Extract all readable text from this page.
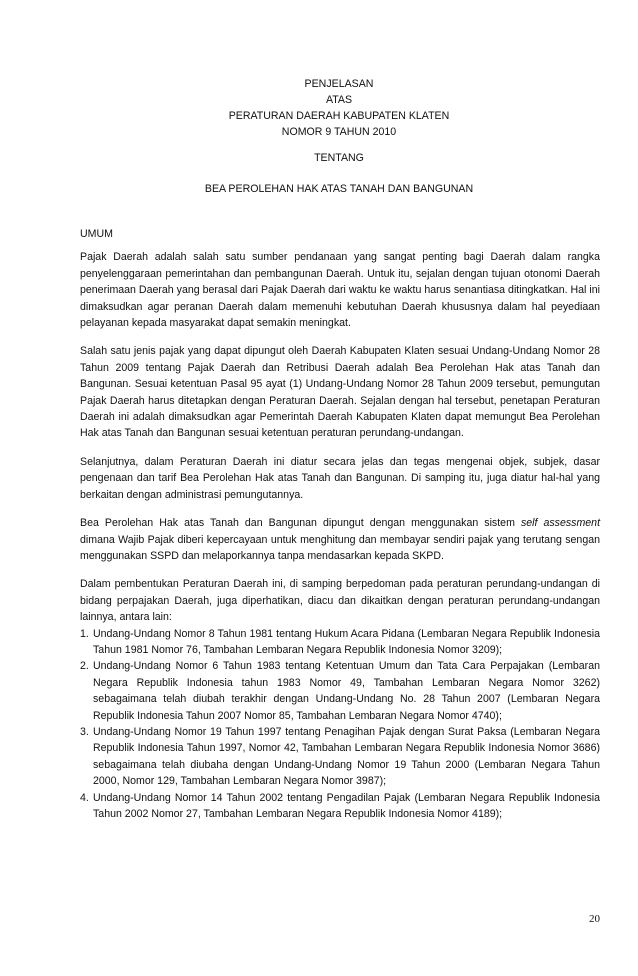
PENJELASAN
ATAS
PERATURAN DAERAH KABUPATEN KLATEN
NOMOR 9 TAHUN 2010
TENTANG
BEA PEROLEHAN HAK ATAS TANAH DAN BANGUNAN
UMUM

Pajak Daerah adalah salah satu sumber pendanaan yang sangat penting bagi Daerah dalam rangka penyelenggaraan pemerintahan dan pembangunan Daerah. Untuk itu, sejalan dengan tujuan otonomi Daerah penerimaan Daerah yang berasal dari Pajak Daerah dari waktu ke waktu harus senantiasa ditingkatkan. Hal ini dimaksudkan agar peranan Daerah dalam memenuhi kebutuhan Daerah khususnya dalam hal peyediaan pelayanan kepada masyarakat dapat semakin meningkat.

Salah satu jenis pajak yang dapat dipungut oleh Daerah Kabupaten Klaten sesuai Undang-Undang Nomor 28 Tahun 2009 tentang Pajak Daerah dan Retribusi Daerah adalah Bea Perolehan Hak atas Tanah dan Bangunan. Sesuai ketentuan Pasal 95 ayat (1) Undang-Undang Nomor 28 Tahun 2009 tersebut, pemungutan Pajak Daerah harus ditetapkan dengan Peraturan Daerah. Sejalan dengan hal tersebut, penetapan Peraturan Daerah ini adalah dimaksudkan agar Pemerintah Daerah Kabupaten Klaten dapat memungut Bea Perolehan Hak atas Tanah dan Bangunan sesuai ketentuan peraturan perundang-undangan.

Selanjutnya, dalam Peraturan Daerah ini diatur secara jelas dan tegas mengenai objek, subjek, dasar pengenaan dan tarif Bea Perolehan Hak atas Tanah dan Bangunan. Di samping itu, juga diatur hal-hal yang berkaitan dengan administrasi pemungutannya.

Bea Perolehan Hak atas Tanah dan Bangunan dipungut dengan menggunakan sistem self assessment dimana Wajib Pajak diberi kepercayaan untuk menghitung dan membayar sendiri pajak yang terutang sengan menggunakan SSPD dan melaporkannya tanpa mendasarkan kepada SKPD.

Dalam pembentukan Peraturan Daerah ini, di samping berpedoman pada peraturan perundang-undangan di bidang perpajakan Daerah, juga diperhatikan, diacu dan dikaitkan dengan peraturan perundang-undangan lainnya, antara lain:

1. Undang-Undang Nomor 8 Tahun 1981 tentang Hukum Acara Pidana (Lembaran Negara Republik Indonesia Tahun 1981 Nomor 76, Tambahan Lembaran Negara Republik Indonesia Nomor 3209);
2. Undang-Undang Nomor 6 Tahun 1983 tentang Ketentuan Umum dan Tata Cara Perpajakan (Lembaran Negara Republik Indonesia tahun 1983 Nomor 49, Tambahan Lembaran Negara Nomor 3262) sebagaimana telah diubah terakhir dengan Undang-Undang No. 28 Tahun 2007 (Lembaran Negara Republik Indonesia Tahun 2007 Nomor 85, Tambahan Lembaran Negara Nomor 4740);
3. Undang-Undang Nomor 19 Tahun 1997 tentang Penagihan Pajak dengan Surat Paksa (Lembaran Negara Republik Indonesia Tahun 1997, Nomor 42, Tambahan Lembaran Negara Republik Indonesia Nomor 3686) sebagaimana telah diubaha dengan Undang-Undang Nomor 19 Tahun 2000 (Lembaran Negara Tahun 2000, Nomor 129, Tambahan Lembaran Negara Nomor 3987);
4. Undang-Undang Nomor 14 Tahun 2002 tentang Pengadilan Pajak (Lembaran Negara Republik Indonesia Tahun 2002 Nomor 27, Tambahan Lembaran Negara Republik Indonesia Nomor 4189);
20
